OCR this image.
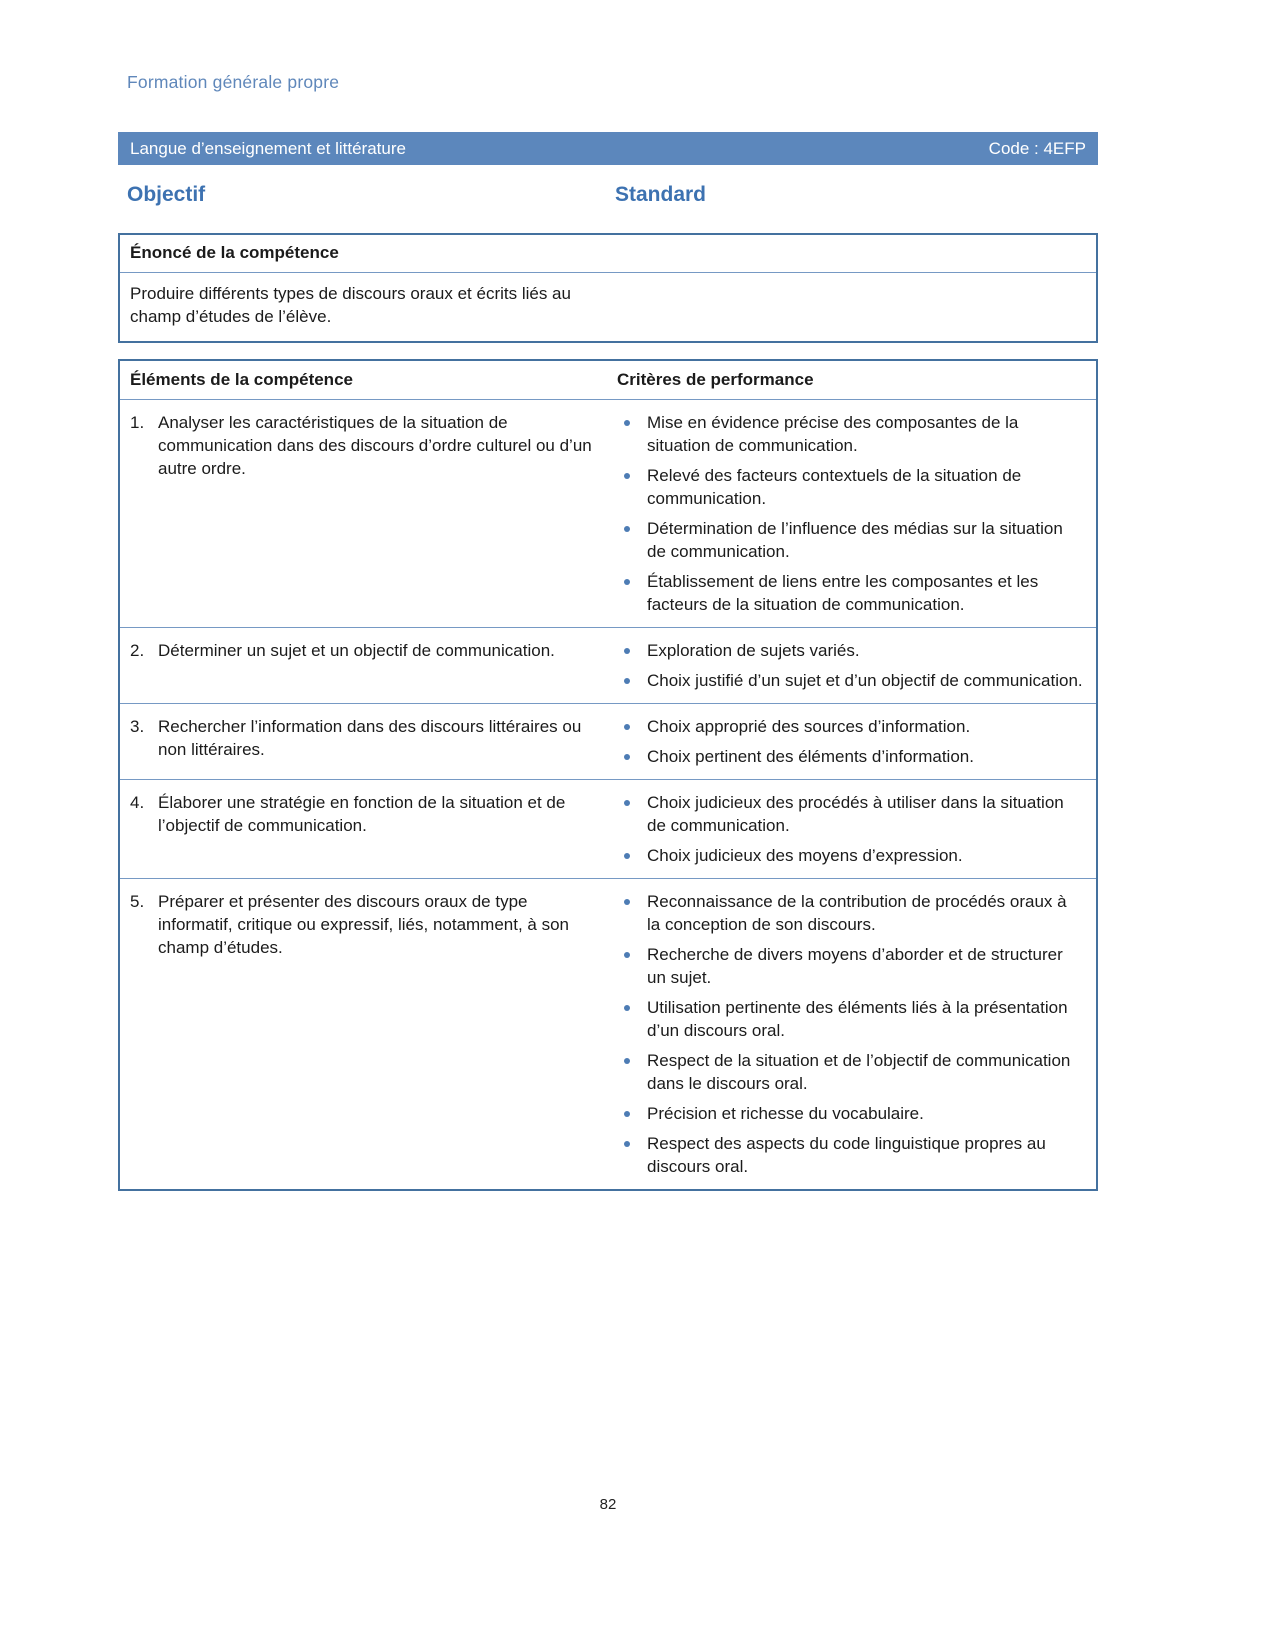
Formation générale propre
Langue d’enseignement et littérature	Code : 4EFP
Objectif	Standard
Énoncé de la compétence
Produire différents types de discours oraux et écrits liés au champ d’études de l’élève.
Éléments de la compétence	Critères de performance
1. Analyser les caractéristiques de la situation de communication dans des discours d’ordre culturel ou d’un autre ordre.
Mise en évidence précise des composantes de la situation de communication.
Relevé des facteurs contextuels de la situation de communication.
Détermination de l’influence des médias sur la situation de communication.
Établissement de liens entre les composantes et les facteurs de la situation de communication.
2. Déterminer un sujet et un objectif de communication.	Exploration de sujets variés.
Choix justifié d’un sujet et d’un objectif de communication.
3. Rechercher l’information dans des discours littéraires ou non littéraires.
Choix approprié des sources d’information.
Choix pertinent des éléments d’information.
4. Élaborer une stratégie en fonction de la situation et de l’objectif de communication.
Choix judicieux des procédés à utiliser dans la situation de communication.
Choix judicieux des moyens d’expression.
5. Préparer et présenter des discours oraux de type informatif, critique ou expressif, liés, notamment, à son champ d’études.
Reconnaissance de la contribution de procédés oraux à la conception de son discours.
Recherche de divers moyens d’aborder et de structurer un sujet.
Utilisation pertinente des éléments liés à la présentation d’un discours oral.
Respect de la situation et de l’objectif de communication dans le discours oral.
Précision et richesse du vocabulaire.
Respect des aspects du code linguistique propres au discours oral.
82
